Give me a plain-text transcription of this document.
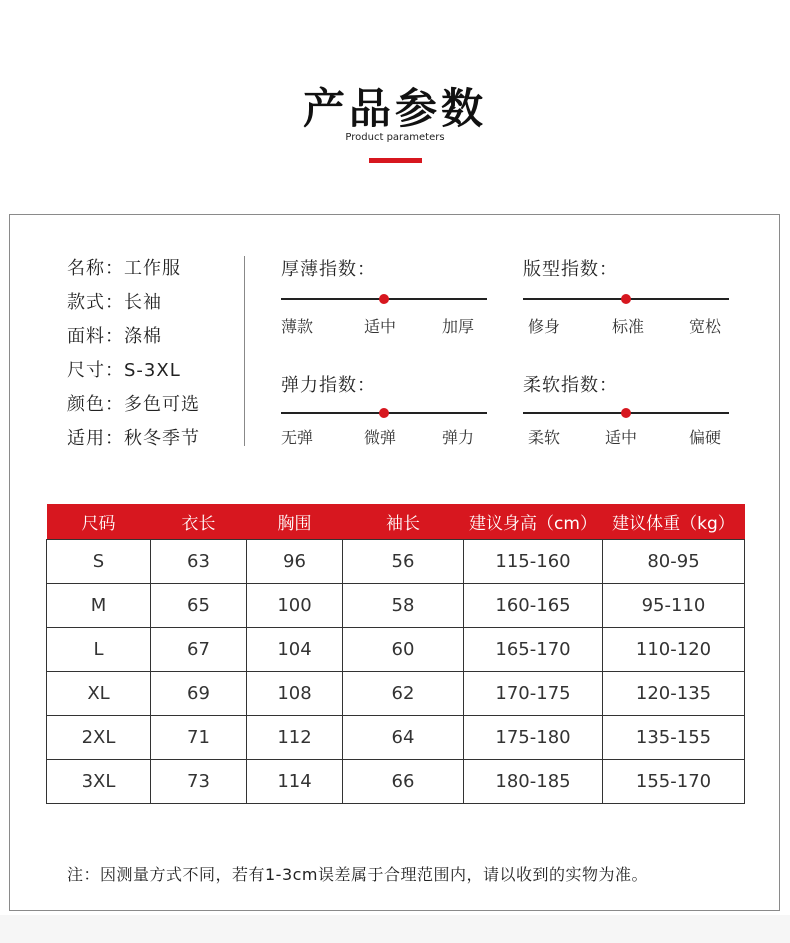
产品参数
Product parameters
名称：工作服
款式：长袖
面料：涤棉
尺寸：S-3XL
颜色：多色可选
适用：秋冬季节
厚薄指数：
薄款	适中	加厚
版型指数：
修身	标准	宽松
弹力指数：
无弹	微弹	弹力
柔软指数：
柔软	适中	偏硬
尺码	衣长	胸围	袖长	建议身高（cm）	建议体重（kg）
S	63	96	56	115-160	80-95
M	65	100	58	160-165	95-110
L	67	104	60	165-170	110-120
XL	69	108	62	170-175	120-135
2XL	71	112	64	175-180	135-155
3XL	73	114	66	180-185	155-170
注：因测量方式不同，若有1-3cm误差属于合理范围内，请以收到的实物为准。
